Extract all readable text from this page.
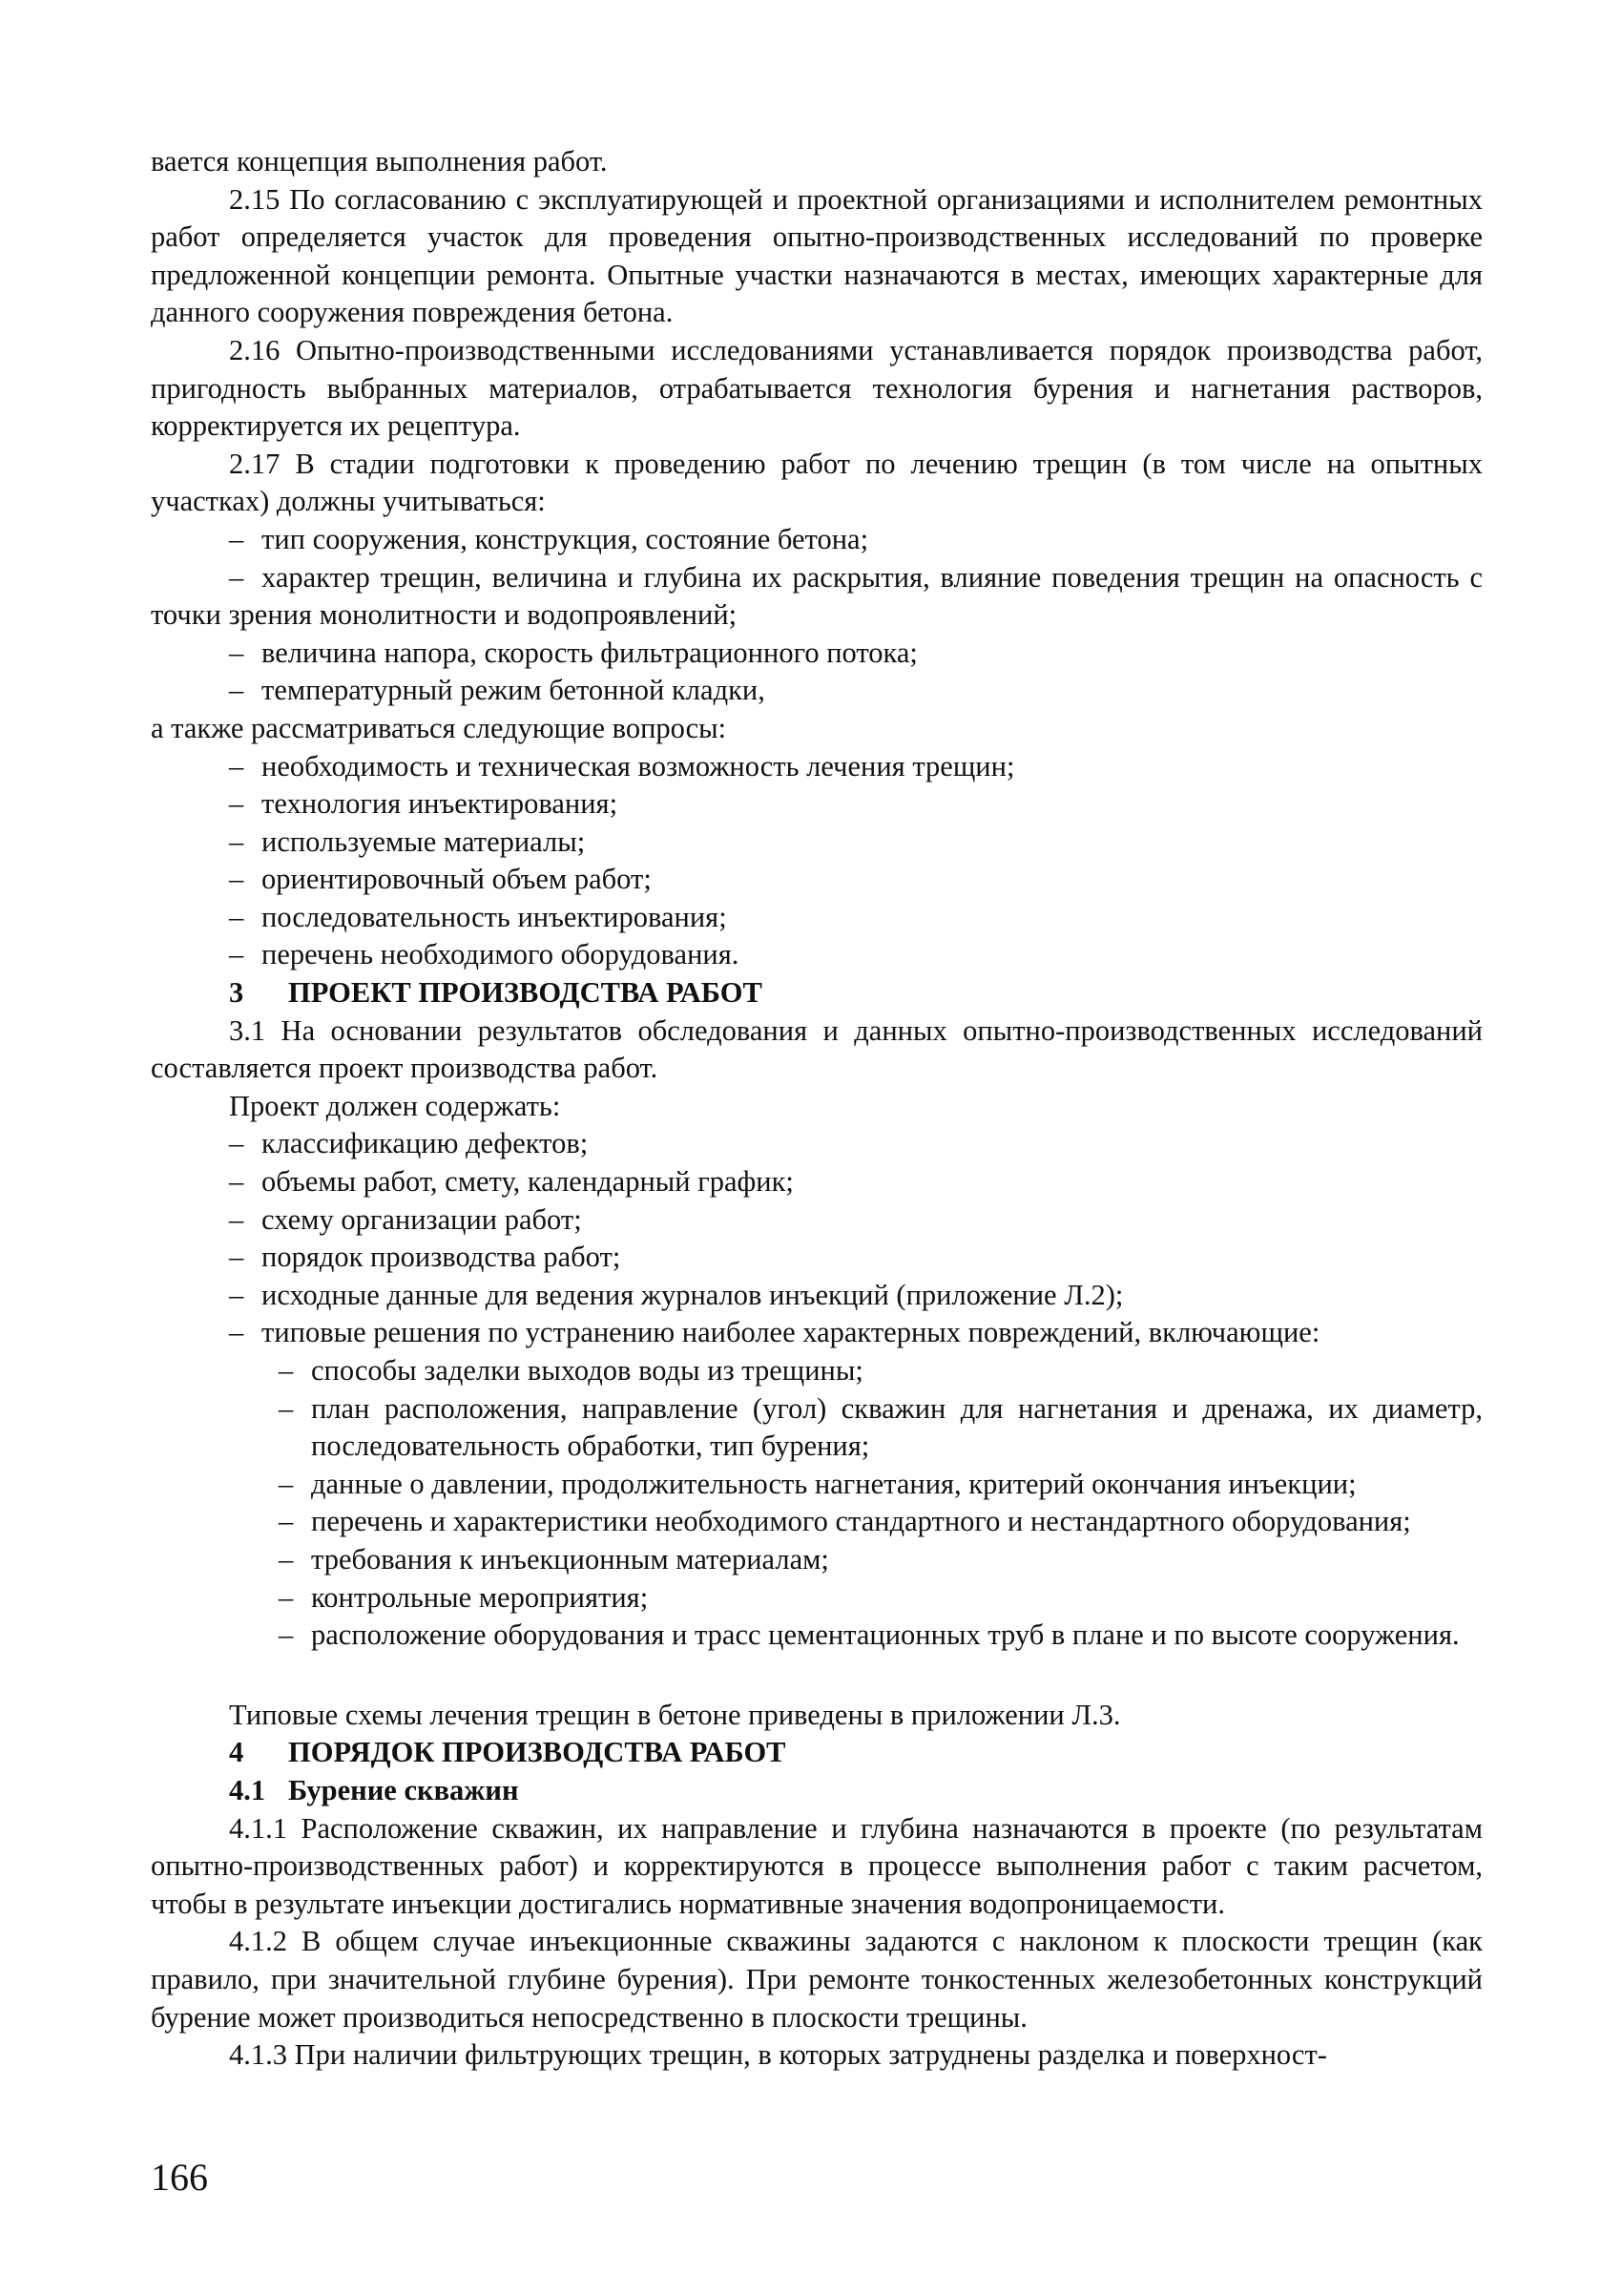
вается концепция выполнения работ.

2.15 По согласованию с эксплуатирующей и проектной организациями и исполнителем ремонтных работ определяется участок для проведения опытно-производственных исследований по проверке предложенной концепции ремонта. Опытные участки назначаются в местах, имеющих характерные для данного сооружения повреждения бетона.

2.16 Опытно-производственными исследованиями устанавливается порядок производства работ, пригодность выбранных материалов, отрабатывается технология бурения и нагнетания растворов, корректируется их рецептура.

2.17 В стадии подготовки к проведению работ по лечению трещин (в том числе на опытных участках) должны учитываться:

– тип сооружения, конструкция, состояние бетона;

– характер трещин, величина и глубина их раскрытия, влияние поведения трещин на опасность с точки зрения монолитности и водопроявлений;

– величина напора, скорость фильтрационного потока;

– температурный режим бетонной кладки,

а также рассматриваться следующие вопросы:

– необходимость и техническая возможность лечения трещин;

– технология инъектирования;

– используемые материалы;

– ориентировочный объем работ;

– последовательность инъектирования;

– перечень необходимого оборудования.

3 ПРОЕКТ ПРОИЗВОДСТВА РАБОТ

3.1 На основании результатов обследования и данных опытно-производственных исследований составляется проект производства работ.

Проект должен содержать:

– классификацию дефектов;

– объемы работ, смету, календарный график;

– схему организации работ;

– порядок производства работ;

– исходные данные для ведения журналов инъекций (приложение Л.2);

– типовые решения по устранению наиболее характерных повреждений, включающие:

– способы заделки выходов воды из трещины;

– план расположения, направление (угол) скважин для нагнетания и дренажа, их диаметр, последовательность обработки, тип бурения;

– данные о давлении, продолжительность нагнетания, критерий окончания инъекции;

– перечень и характеристики необходимого стандартного и нестандартного оборудования;

– требования к инъекционным материалам;

– контрольные мероприятия;

– расположение оборудования и трасс цементационных труб в плане и по высоте сооружения.

Типовые схемы лечения трещин в бетоне приведены в приложении Л.3.

4 ПОРЯДОК ПРОИЗВОДСТВА РАБОТ

4.1 Бурение скважин

4.1.1 Расположение скважин, их направление и глубина назначаются в проекте (по результатам опытно-производственных работ) и корректируются в процессе выполнения работ с таким расчетом, чтобы в результате инъекции достигались нормативные значения водопроницаемости.

4.1.2 В общем случае инъекционные скважины задаются с наклоном к плоскости трещин (как правило, при значительной глубине бурения). При ремонте тонкостенных железобетонных конструкций бурение может производиться непосредственно в плоскости трещины.

4.1.3 При наличии фильтрующих трещин, в которых затруднены разделка и поверхност-

166
